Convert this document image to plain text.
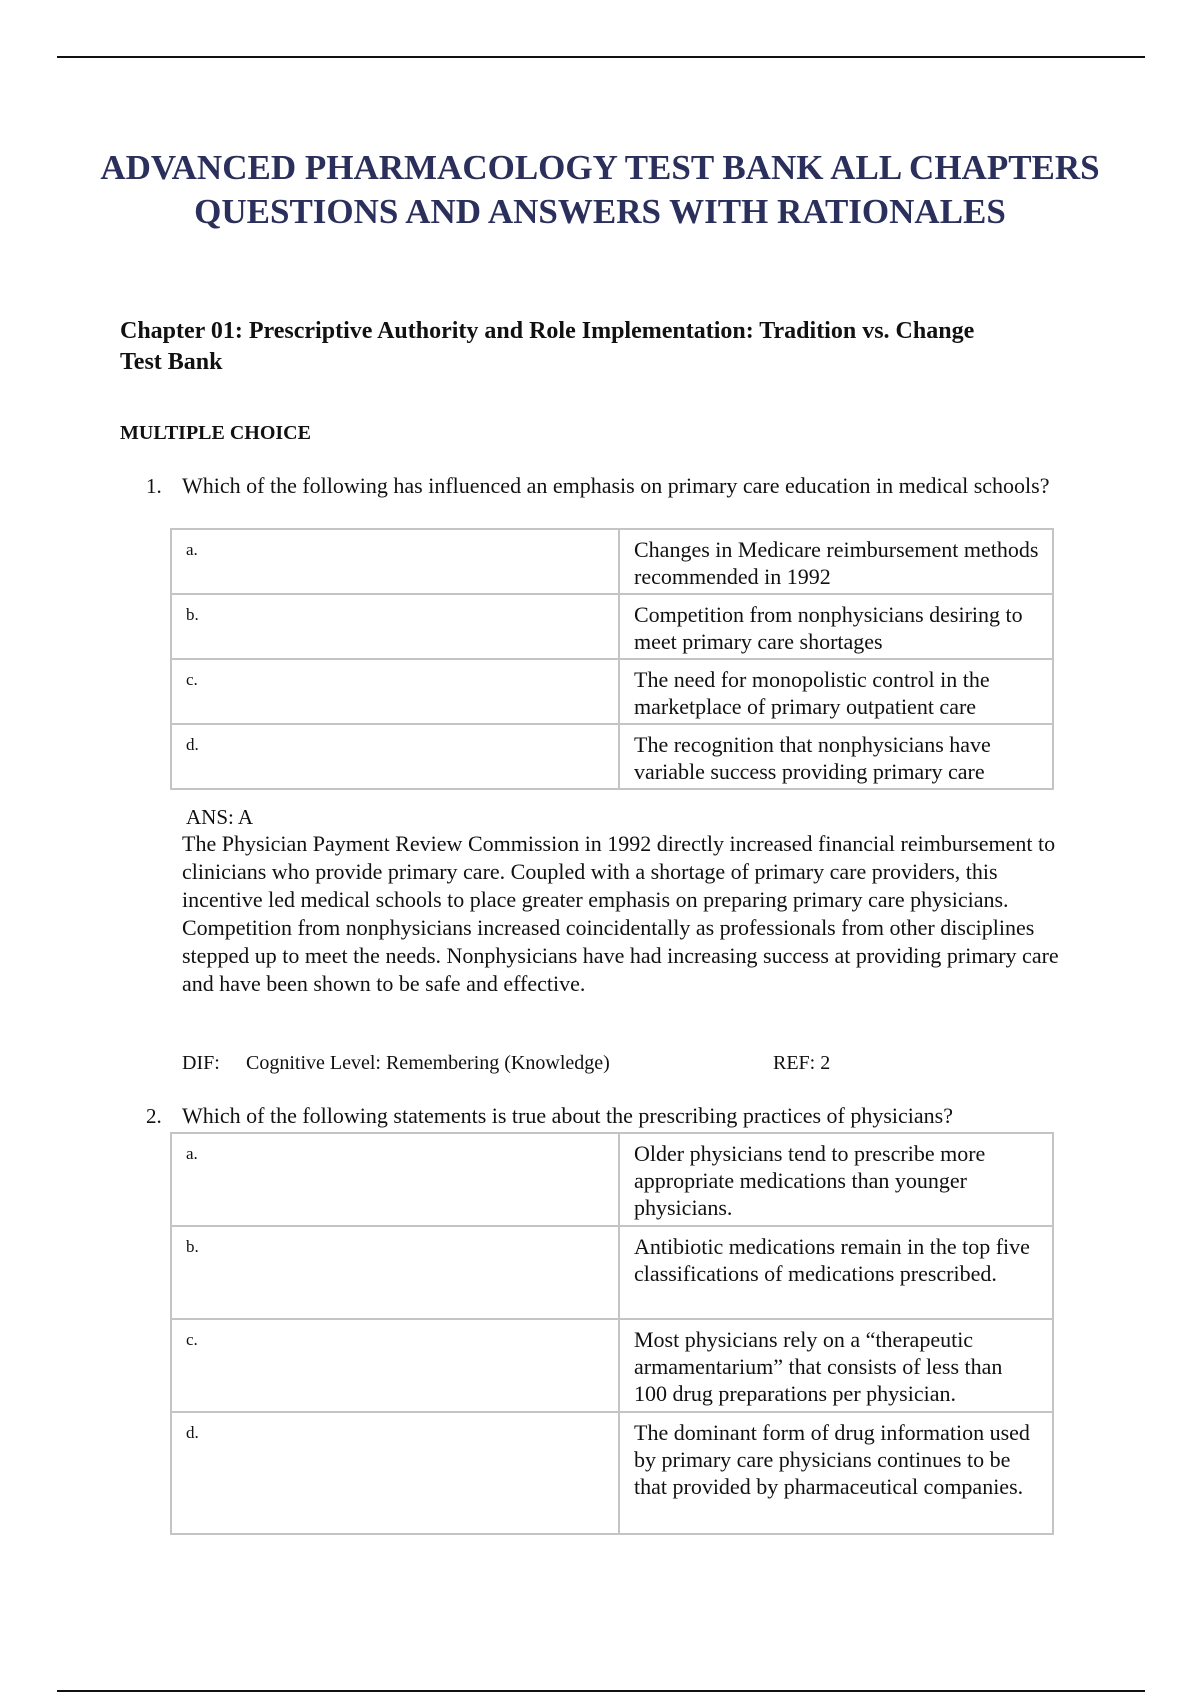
ADVANCED PHARMACOLOGY TEST BANK ALL CHAPTERS QUESTIONS AND ANSWERS WITH RATIONALES
Chapter 01: Prescriptive Authority and Role Implementation: Tradition vs. Change Test Bank
MULTIPLE CHOICE
1. Which of the following has influenced an emphasis on primary care education in medical schools?

a.	Changes in Medicare reimbursement methods recommended in 1992
b.	Competition from nonphysicians desiring to meet primary care shortages
c.	The need for monopolistic control in the marketplace of primary outpatient care
d.	The recognition that nonphysicians have variable success providing primary care
ANS: A

The Physician Payment Review Commission in 1992 directly increased financial reimbursement to clinicians who provide primary care. Coupled with a shortage of primary care providers, this incentive led medical schools to place greater emphasis on preparing primary care physicians. Competition from nonphysicians increased coincidentally as professionals from other disciplines stepped up to meet the needs. Nonphysicians have had increasing success at providing primary care and have been shown to be safe and effective.

DIF: Cognitive Level: Remembering (Knowledge)	REF: 2
2. Which of the following statements is true about the prescribing practices of physicians?

a.	Older physicians tend to prescribe more appropriate medications than younger physicians.
b.	Antibiotic medications remain in the top five classifications of medications prescribed.
c.	Most physicians rely on a “therapeutic armamentarium” that consists of less than 100 drug preparations per physician.
d.	The dominant form of drug information used by primary care physicians continues to be that provided by pharmaceutical companies.
